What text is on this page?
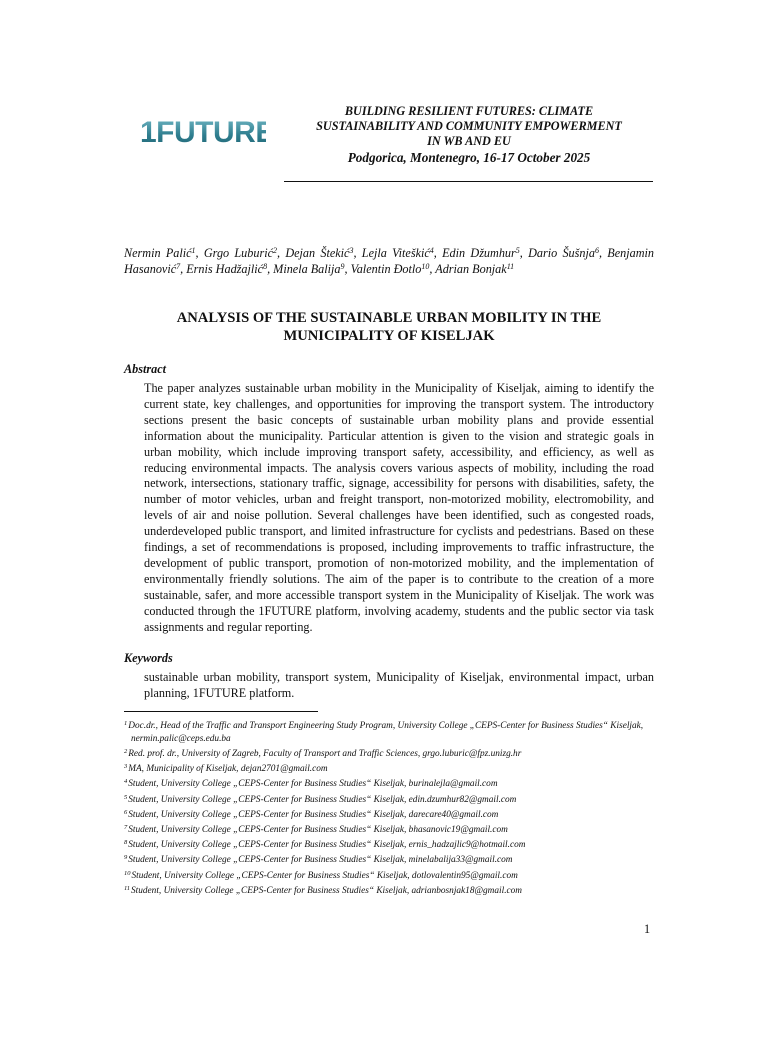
1FUTURE
BUILDING RESILIENT FUTURES: CLIMATE
SUSTAINABILITY AND COMMUNITY EMPOWERMENT
IN WB AND EU
Podgorica, Montenegro, 16-17 October 2025
Nermin Palić$^1$, Grgo Luburić$^2$, Dejan Štekić$^3$, Lejla Viteškić$^4$, Edin Džumhur$^5$, Dario Šušnja$^6$, Benjamin Hasanović$^7$, Ernis Hadžajlić$^8$, Minela Balija$^9$, Valentin Đotlo$^{10}$, Adrian Bonjak$^{11}$
ANALYSIS OF THE SUSTAINABLE URBAN MOBILITY IN THE
MUNICIPALITY OF KISELJAK
Abstract
The paper analyzes sustainable urban mobility in the Municipality of Kiseljak, aiming to identify the current state, key challenges, and opportunities for improving the transport system. The introductory sections present the basic concepts of sustainable urban mobility plans and provide essential information about the municipality. Particular attention is given to the vision and strategic goals in urban mobility, which include improving transport safety, accessibility, and efficiency, as well as reducing environmental impacts. The analysis covers various aspects of mobility, including the road network, intersections, stationary traffic, signage, accessibility for persons with disabilities, safety, the number of motor vehicles, urban and freight transport, non-motorized mobility, electromobility, and levels of air and noise pollution. Several challenges have been identified, such as congested roads, underdeveloped public transport, and limited infrastructure for cyclists and pedestrians. Based on these findings, a set of recommendations is proposed, including improvements to traffic infrastructure, the development of public transport, promotion of non-motorized mobility, and the implementation of environmentally friendly solutions. The aim of the paper is to contribute to the creation of a more sustainable, safer, and more accessible transport system in the Municipality of Kiseljak. The work was conducted through the 1FUTURE platform, involving academy, students and the public sector via task assignments and regular reporting.
Keywords
sustainable urban mobility, transport system, Municipality of Kiseljak, environmental impact, urban planning, 1FUTURE platform.
$^1$Doc.dr., Head of the Traffic and Transport Engineering Study Program, University College „CEPS-Center for Business Studies“ Kiseljak, nermin.palic@ceps.edu.ba
$^2$Red. prof. dr., University of Zagreb, Faculty of Transport and Traffic Sciences, grgo.luburic@fpz.unizg.hr
$^3$MA, Municipality of Kiseljak, dejan2701@gmail.com
$^4$Student, University College „CEPS-Center for Business Studies“ Kiseljak, burinalejla@gmail.com
$^5$Student, University College „CEPS-Center for Business Studies“ Kiseljak, edin.dzumhur82@gmail.com
$^6$Student, University College „CEPS-Center for Business Studies“ Kiseljak, darecare40@gmail.com
$^7$Student, University College „CEPS-Center for Business Studies“ Kiseljak, bhasanovic19@gmail.com
$^8$Student, University College „CEPS-Center for Business Studies“ Kiseljak, ernis_hadzajlic9@hotmail.com
$^9$Student, University College „CEPS-Center for Business Studies“ Kiseljak, minelabalija33@gmail.com
$^{10}$Student, University College „CEPS-Center for Business Studies“ Kiseljak, dotlovalentin95@gmail.com
$^{11}$Student, University College „CEPS-Center for Business Studies“ Kiseljak, adrianbosnjak18@gmail.com
1
